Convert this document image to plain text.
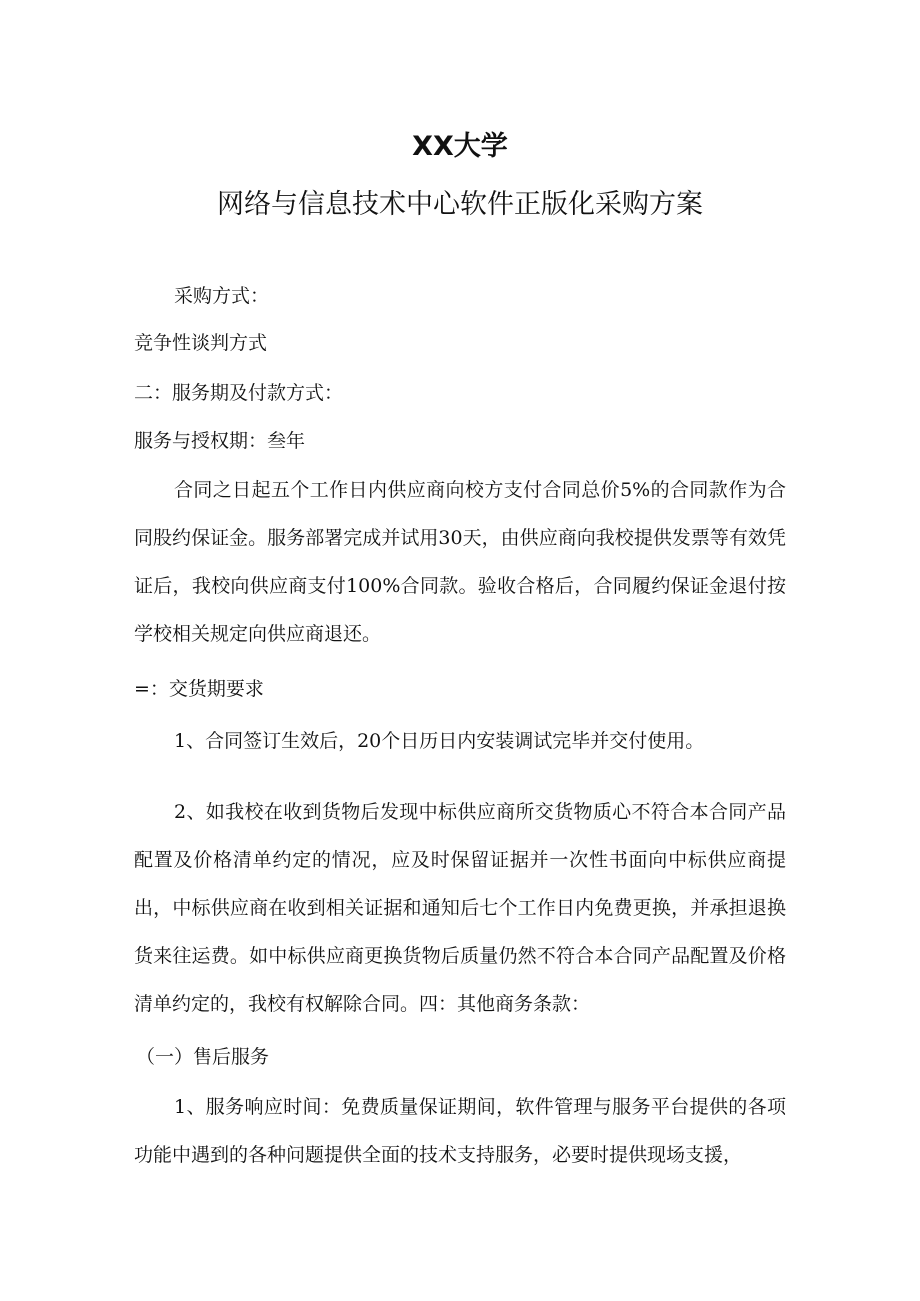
XX大学
网络与信息技术中心软件正版化采购方案
采购方式：
竞争性谈判方式
二：服务期及付款方式：
服务与授权期：叁年
合同之日起五个工作日内供应商向校方支付合同总价5%的合同款作为合同股约保证金。服务部署完成并试用30天，由供应商向我校提供发票等有效凭证后，我校向供应商支付100%合同款。验收合格后，合同履约保证金退付按学校相关规定向供应商退还。
=：交货期要求
1、合同签订生效后，20个日历日内安装调试完毕并交付使用。
2、如我校在收到货物后发现中标供应商所交货物质心不符合本合同产品配置及价格清单约定的情况，应及时保留证据并一次性书面向中标供应商提出，中标供应商在收到相关证据和通知后七个工作日内免费更换，并承担退换货来往运费。如中标供应商更换货物后质量仍然不符合本合同产品配置及价格清单约定的，我校有权解除合同。四：其他商务条款：
（一）售后服务
1、服务响应时间：免费质量保证期间，软件管理与服务平台提供的各项功能中遇到的各种问题提供全面的技术支持服务，必要时提供现场支援，
